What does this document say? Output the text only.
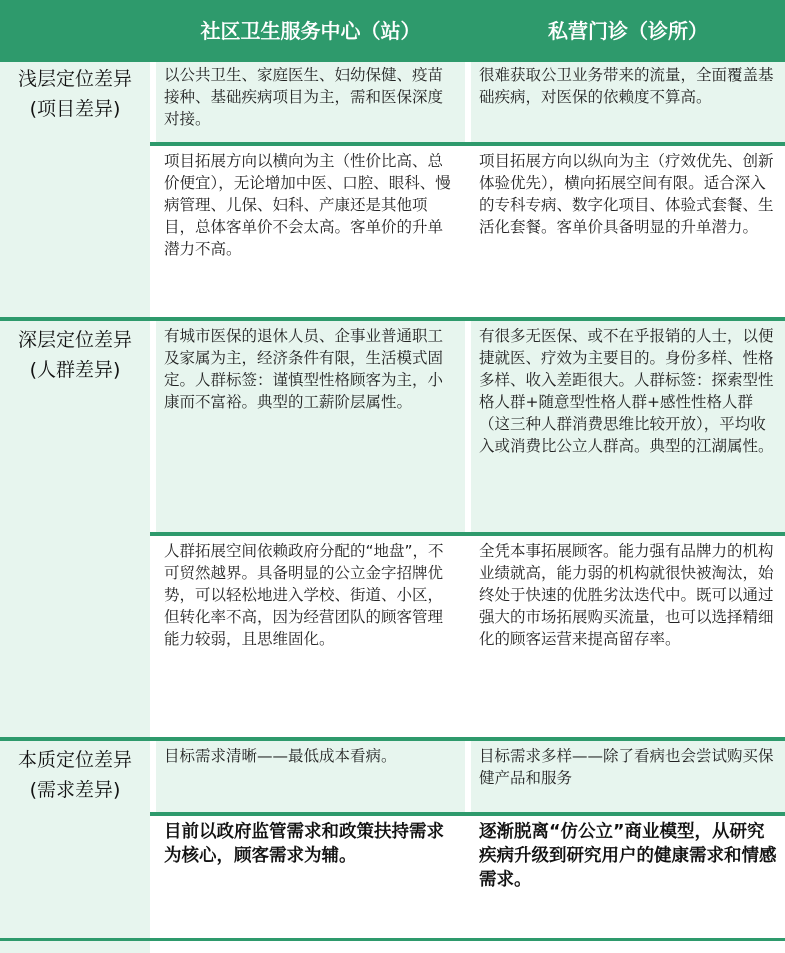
社区卫生服务中心（站）	私营门诊（诊所）
浅层定位差异
(项目差异)
以公共卫生、家庭医生、妇幼保健、疫苗接种、基础疾病项目为主，需和医保深度对接。
很难获取公卫业务带来的流量，全面覆盖基础疾病，对医保的依赖度不算高。
项目拓展方向以横向为主（性价比高、总价便宜），无论增加中医、口腔、眼科、慢病管理、儿保、妇科、产康还是其他项目，总体客单价不会太高。客单价的升单潜力不高。
项目拓展方向以纵向为主（疗效优先、创新体验优先），横向拓展空间有限。适合深入的专科专病、数字化项目、体验式套餐、生活化套餐。客单价具备明显的升单潜力。
深层定位差异
(人群差异)
有城市医保的退休人员、企事业普通职工及家属为主，经济条件有限，生活模式固定。人群标签：谨慎型性格顾客为主，小康而不富裕。典型的工薪阶层属性。
有很多无医保、或不在乎报销的人士，以便捷就医、疗效为主要目的。身份多样、性格多样、收入差距很大。人群标签：探索型性格人群+随意型性格人群+感性性格人群（这三种人群消费思维比较开放），平均收入或消费比公立人群高。典型的江湖属性。
人群拓展空间依赖政府分配的“地盘”，不可贸然越界。具备明显的公立金字招牌优势，可以轻松地进入学校、街道、小区，但转化率不高，因为经营团队的顾客管理能力较弱，且思维固化。
全凭本事拓展顾客。能力强有品牌力的机构业绩就高，能力弱的机构就很快被淘汰，始终处于快速的优胜劣汰迭代中。既可以通过强大的市场拓展购买流量，也可以选择精细化的顾客运营来提高留存率。
本质定位差异
(需求差异)
目标需求清晰——最低成本看病。	目标需求多样——除了看病也会尝试购买保健产品和服务
目前以政府监管需求和政策扶持需求为核心，顾客需求为辅。
逐渐脱离“仿公立”商业模型，从研究疾病升级到研究用户的健康需求和情感需求。
